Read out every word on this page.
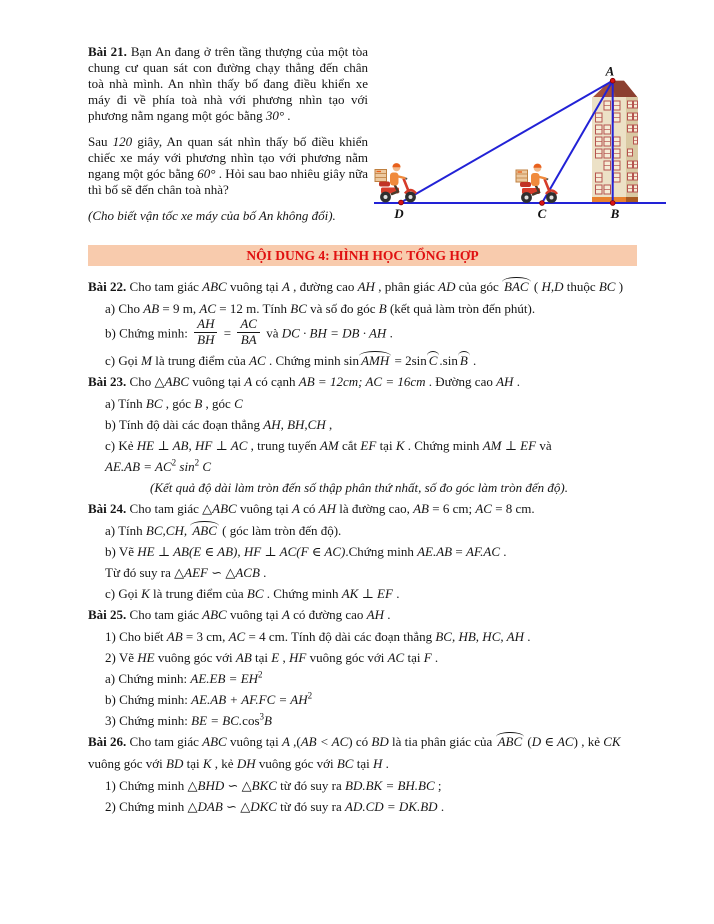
Bài 21. Bạn An đang ở trên tầng thượng của một tòa chung cư quan sát con đường chạy thẳng đến chân toà nhà mình. An nhìn thấy bố đang điều khiển xe máy đi về phía toà nhà với phương nhìn tạo với phương nằm ngang một góc bằng 30° .
Sau 120 giây, An quan sát nhìn thấy bố điều khiển chiếc xe máy với phương nhìn tạo với phương nằm ngang một góc bằng 60° . Hỏi sau bao nhiêu giây nữa thì bố sẽ đến chân toà nhà?
(Cho biết vận tốc xe máy của bố An không đổi).
A
D	C	B
NỘI DUNG 4: HÌNH HỌC TỔNG HỢP
Bài 22. Cho tam giác ABC vuông tại A , đường cao AH , phân giác AD của góc BAC ( H,D thuộc BC )
a) Cho AB = 9 m, AC = 12 m. Tính BC và số đo góc B (kết quả làm tròn đến phút).
b) Chứng minh: $\frac{AH}{BH} = \frac{AC}{BA}$ và DC · BH = DB · AH .
c) Gọi M là trung điểm của AC . Chứng minh sin AMH = 2sin C .sin B .
Bài 23. Cho △ABC vuông tại A có cạnh AB = 12cm; AC = 16cm . Đường cao AH .
a) Tính BC , góc B , góc C
b) Tính độ dài các đoạn thẳng AH, BH,CH ,
c) Kẻ HE ⊥ AB, HF ⊥ AC , trung tuyến AM cắt EF tại K . Chứng minh AM ⊥ EF và
$AE.AB = AC^2$ $\sin^2 C$
(Kết quả độ dài làm tròn đến số thập phân thứ nhất, số đo góc làm tròn đến độ).
Bài 24. Cho tam giác △ABC vuông tại A có AH là đường cao, AB = 6 cm; AC = 8 cm.
a) Tính BC,CH, ABC ( góc làm tròn đến độ).
b) Vẽ HE ⊥ AB(E ∈ AB), HF ⊥ AC(F ∈ AC).Chứng minh AE.AB = AF.AC .
Từ đó suy ra △AEF ∽ △ACB .
c) Gọi K là trung điểm của BC . Chứng minh AK ⊥ EF .
Bài 25. Cho tam giác ABC vuông tại A có đường cao AH .
1) Cho biết AB = 3 cm, AC = 4 cm. Tính độ dài các đoạn thẳng BC, HB, HC, AH .
2) Vẽ HE vuông góc với AB tại E , HF vuông góc với AC tại F .
a) Chứng minh: $AE.EB = EH^2$
b) Chứng minh: $AE.AB + AF.FC = AH^2$
3) Chứng minh: BE = $BC.\cos^3B$
Bài 26. Cho tam giác ABC vuông tại A ,(AB < AC) có BD là tia phân giác của ABC (D ∈ AC) , kẻ CK vuông góc với BD tại K , kẻ DH vuông góc với BC tại H .
1) Chứng minh △BHD ∽ △BKC từ đó suy ra BD.BK = BH.BC ;
2) Chứng minh △DAB ∽ △DKC từ đó suy ra AD.CD = DK.BD .
